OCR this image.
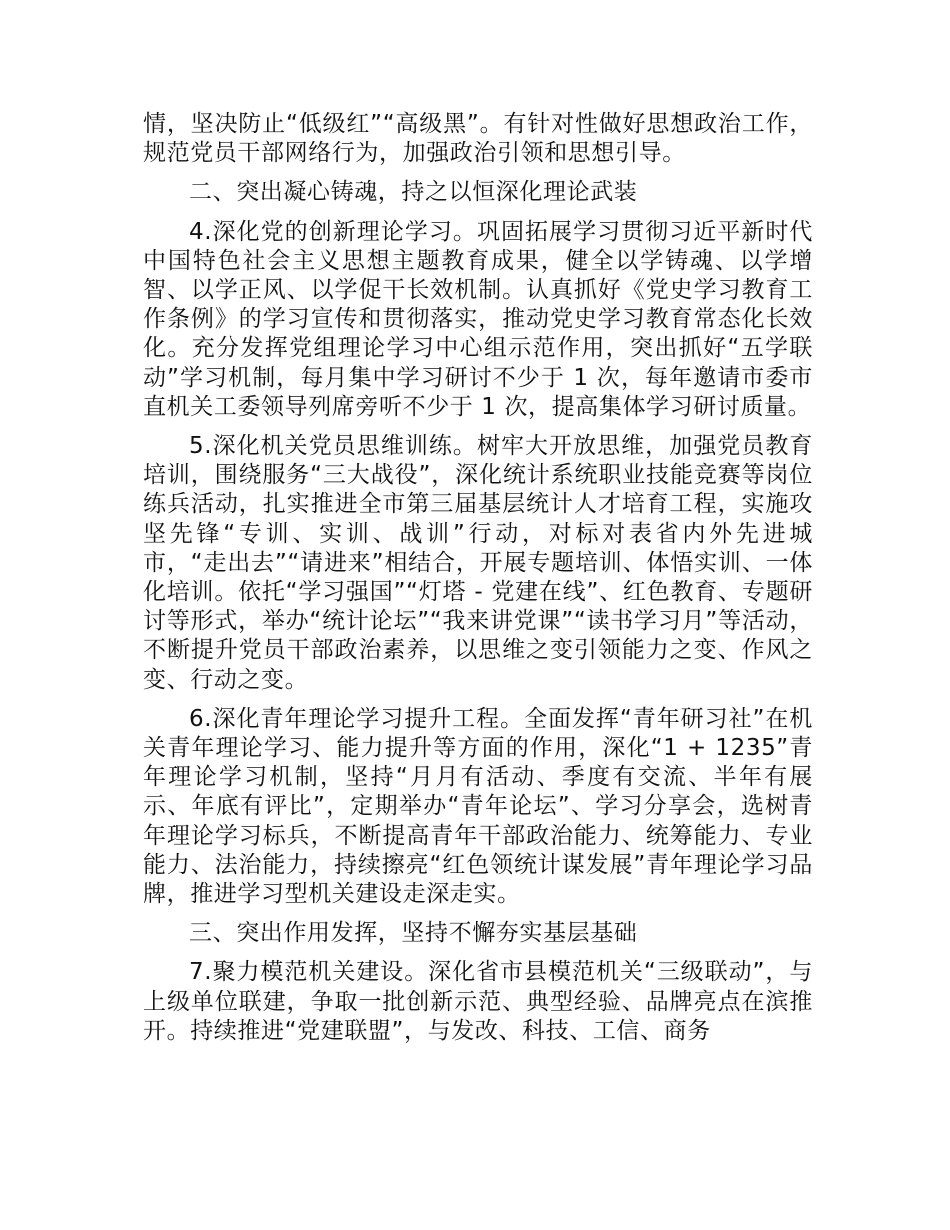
情，坚决防止“低级红”“高级黑”。有针对性做好思想政治工作，规范党员干部网络行为，加强政治引领和思想引导。

二、突出凝心铸魂，持之以恒深化理论武装

4.深化党的创新理论学习。巩固拓展学习贯彻习近平新时代中国特色社会主义思想主题教育成果，健全以学铸魂、以学增智、以学正风、以学促干长效机制。认真抓好《党史学习教育工作条例》的学习宣传和贯彻落实，推动党史学习教育常态化长效化。充分发挥党组理论学习中心组示范作用，突出抓好“五学联动”学习机制，每月集中学习研讨不少于 1 次，每年邀请市委市直机关工委领导列席旁听不少于 1 次，提高集体学习研讨质量。

5.深化机关党员思维训练。树牢大开放思维，加强党员教育培训，围绕服务“三大战役”，深化统计系统职业技能竞赛等岗位练兵活动，扎实推进全市第三届基层统计人才培育工程，实施攻坚先锋“专训、实训、战训”行动，对标对表省内外先进城市，“走出去”“请进来”相结合，开展专题培训、体悟实训、一体化培训。依托“学习强国”“灯塔 - 党建在线”、红色教育、专题研讨等形式，举办“统计论坛”“我来讲党课”“读书学习月”等活动，不断提升党员干部政治素养，以思维之变引领能力之变、作风之变、行动之变。

6.深化青年理论学习提升工程。全面发挥“青年研习社”在机关青年理论学习、能力提升等方面的作用，深化“1 + 1235”青年理论学习机制，坚持“月月有活动、季度有交流、半年有展示、年底有评比”，定期举办“青年论坛”、学习分享会，选树青年理论学习标兵，不断提高青年干部政治能力、统筹能力、专业能力、法治能力，持续擦亮“红色领统计谋发展”青年理论学习品牌，推进学习型机关建设走深走实。

三、突出作用发挥，坚持不懈夯实基层基础

7.聚力模范机关建设。深化省市县模范机关“三级联动”，与上级单位联建，争取一批创新示范、典型经验、品牌亮点在滨推开。持续推进“党建联盟”，与发改、科技、工信、商务
